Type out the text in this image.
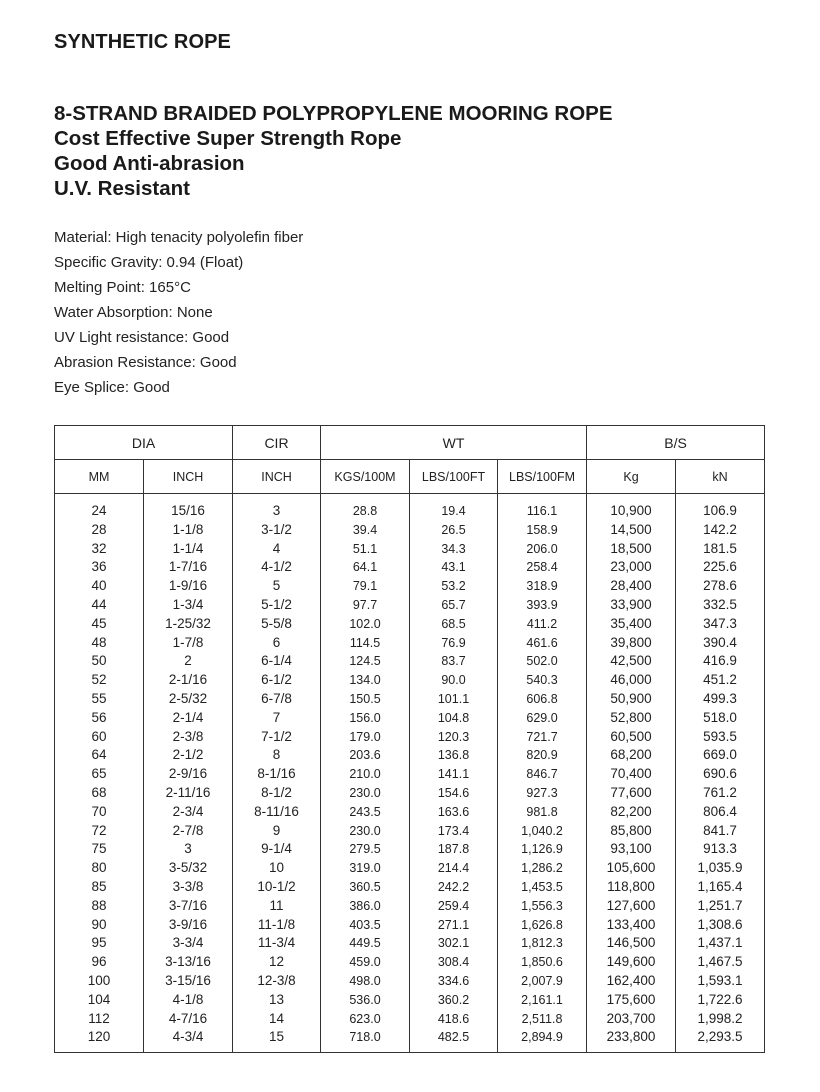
SYNTHETIC ROPE
8-STRAND BRAIDED POLYPROPYLENE MOORING ROPE
Cost Effective Super Strength Rope
Good Anti-abrasion
U.V. Resistant
Material: High tenacity polyolefin fiber
Specific Gravity: 0.94 (Float)
Melting Point: 165°C
Water Absorption: None
UV Light resistance: Good
Abrasion Resistance: Good
Eye Splice: Good
DIA		CIR	WT			B/S	
MM	INCH	INCH	KGS/100M	LBS/100FT	LBS/100FM	Kg	kN

24	15/16	3	28.8	19.4	116.1	10,900	106.9
28	1-1/8	3-1/2	39.4	26.5	158.9	14,500	142.2
32	1-1/4	4	51.1	34.3	206.0	18,500	181.5
36	1-7/16	4-1/2	64.1	43.1	258.4	23,000	225.6
40	1-9/16	5	79.1	53.2	318.9	28,400	278.6
44	1-3/4	5-1/2	97.7	65.7	393.9	33,900	332.5
45	1-25/32	5-5/8	102.0	68.5	411.2	35,400	347.3
48	1-7/8	6	114.5	76.9	461.6	39,800	390.4
50	2	6-1/4	124.5	83.7	502.0	42,500	416.9
52	2-1/16	6-1/2	134.0	90.0	540.3	46,000	451.2
55	2-5/32	6-7/8	150.5	101.1	606.8	50,900	499.3
56	2-1/4	7	156.0	104.8	629.0	52,800	518.0
60	2-3/8	7-1/2	179.0	120.3	721.7	60,500	593.5
64	2-1/2	8	203.6	136.8	820.9	68,200	669.0
65	2-9/16	8-1/16	210.0	141.1	846.7	70,400	690.6
68	2-11/16	8-1/2	230.0	154.6	927.3	77,600	761.2
70	2-3/4	8-11/16	243.5	163.6	981.8	82,200	806.4
72	2-7/8	9	230.0	173.4	1,040.2	85,800	841.7
75	3	9-1/4	279.5	187.8	1,126.9	93,100	913.3
80	3-5/32	10	319.0	214.4	1,286.2	105,600	1,035.9
85	3-3/8	10-1/2	360.5	242.2	1,453.5	118,800	1,165.4
88	3-7/16	11	386.0	259.4	1,556.3	127,600	1,251.7
90	3-9/16	11-1/8	403.5	271.1	1,626.8	133,400	1,308.6
95	3-3/4	11-3/4	449.5	302.1	1,812.3	146,500	1,437.1
96	3-13/16	12	459.0	308.4	1,850.6	149,600	1,467.5
100	3-15/16	12-3/8	498.0	334.6	2,007.9	162,400	1,593.1
104	4-1/8	13	536.0	360.2	2,161.1	175,600	1,722.6
112	4-7/16	14	623.0	418.6	2,511.8	203,700	1,998.2
120	4-3/4	15	718.0	482.5	2,894.9	233,800	2,293.5
